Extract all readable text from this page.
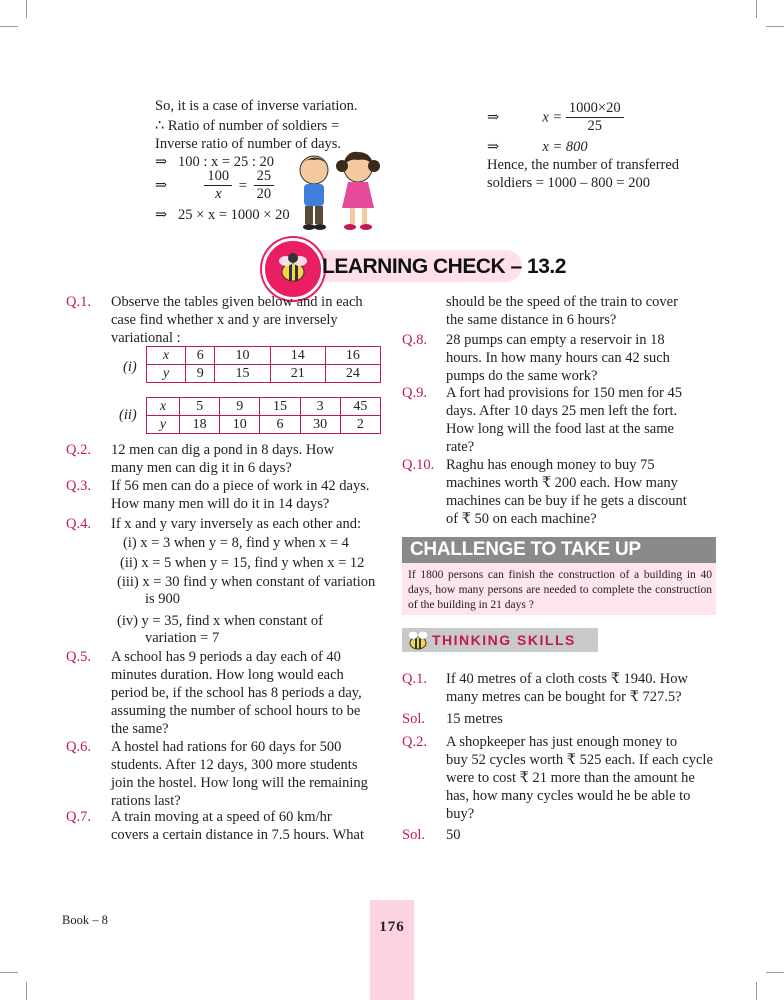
So, it is a case of inverse variation.
∴ Ratio of number of soldiers =
Inverse ratio of number of days.
⇒ 100 : x = 25 : 20
⇒	$\frac{100}{x} = \frac{25}{20}$
⇒ 25 × x = 1000 × 20
⇒	$x = \frac{1000\times 20}{25}$
⇒	x = 800
Hence, the number of transferred
soldiers = 1000 – 800 = 200
LEARNING CHECK – 13.2
Q.1. Observe the tables given below and in each
case find whether x and y are inversely
variational :
(i)
x	6	10	14	16
y	9	15	21	24
(ii)
x	5	9	15	3	45
y	18	10	6	30	2
Q.2. 12 men can dig a pond in 8 days. How
many men can dig it in 6 days?
Q.3. If 56 men can do a piece of work in 42 days.
How many men will do it in 14 days?
Q.4. If x and y vary inversely as each other and:
(i) x = 3 when y = 8, find y when x = 4
(ii) x = 5 when y = 15, find y when x = 12
(iii) x = 30 find y when constant of variation
is 900
(iv) y = 35, find x when constant of
variation = 7
Q.5. A school has 9 periods a day each of 40
minutes duration. How long would each
period be, if the school has 8 periods a day,
assuming the number of school hours to be
the same?
Q.6. A hostel had rations for 60 days for 500
students. After 12 days, 300 more students
join the hostel. How long will the remaining
rations last?
Q.7. A train moving at a speed of 60 km/hr
covers a certain distance in 7.5 hours. What
should be the speed of the train to cover
the same distance in 6 hours?
Q.8. 28 pumps can empty a reservoir in 18
hours. In how many hours can 42 such
pumps do the same work?
Q.9. A fort had provisions for 150 men for 45
days. After 10 days 25 men left the fort.
How long will the food last at the same
rate?
Q.10. Raghu has enough money to buy 75
machines worth ₹ 200 each. How many
machines can be buy if he gets a discount
of ₹ 50 on each machine?
CHALLENGE TO TAKE UP
If 1800 persons can finish the construction of a building in 40 days, how many persons are needed to complete the construction of the building in 21 days ?
THINKING SKILLS
Q.1. If 40 metres of a cloth costs ₹ 1940. How
many metres can be bought for ₹ 727.5?
Sol. 15 metres
Q.2. A shopkeeper has just enough money to
buy 52 cycles worth ₹ 525 each. If each cycle
were to cost ₹ 21 more than the amount he
has, how many cycles would he be able to
buy?
Sol. 50
Book – 8	176
